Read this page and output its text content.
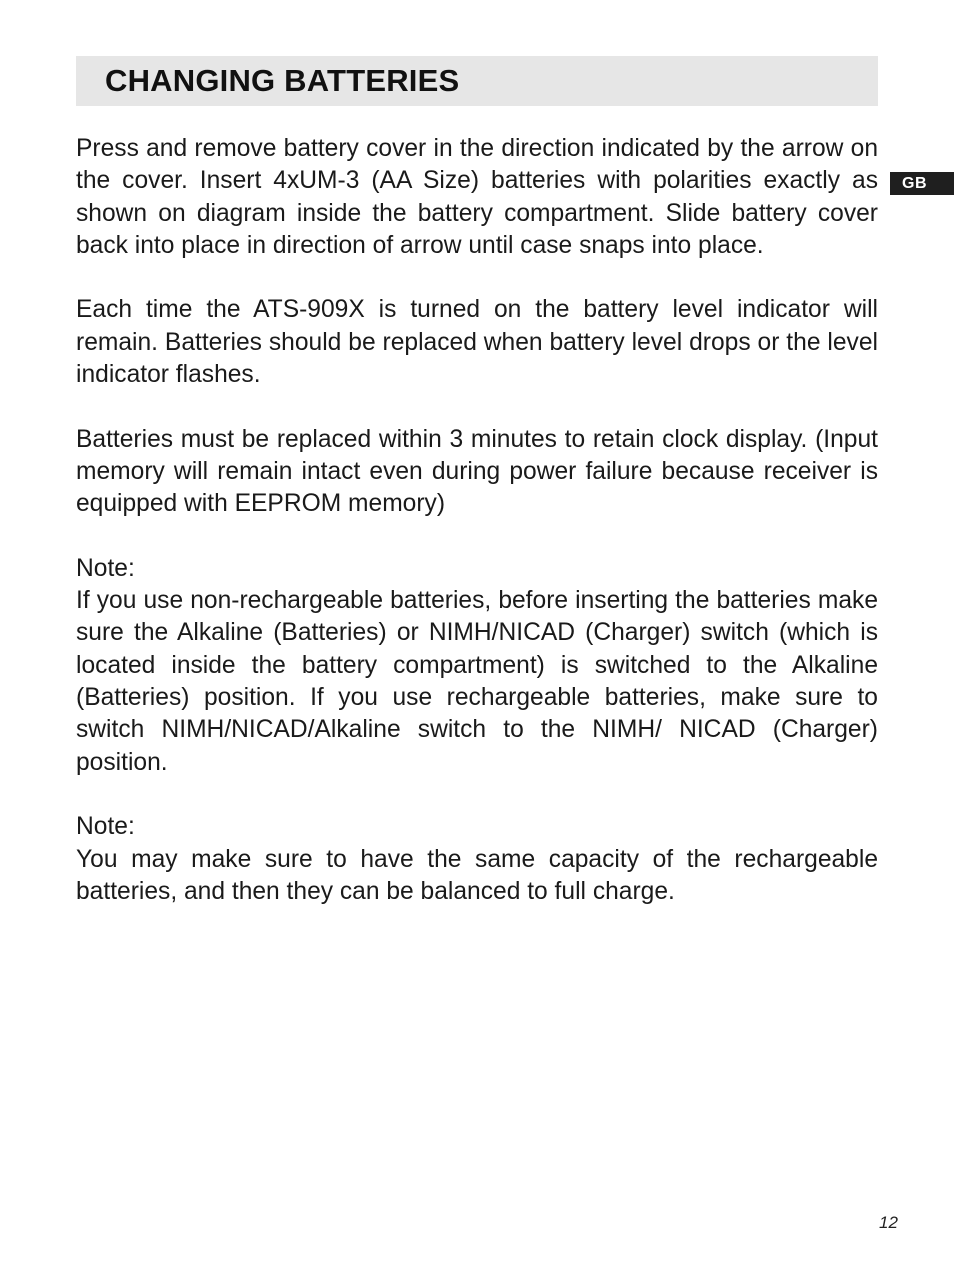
CHANGING BATTERIES
GB

Press and remove battery cover in the direction indicated by the arrow on the cover. Insert 4xUM-3 (AA Size) batteries with polarities exactly as shown on diagram inside the battery compartment. Slide battery cover back into place in direction of arrow until case snaps into place.

Each time the ATS-909X is turned on the battery level indicator will remain. Batteries should be replaced when battery level drops or the level indicator flashes.

Batteries must be replaced within 3 minutes to retain clock display. (Input memory will remain intact even during power failure because receiver is equipped with EEPROM memory)

Note:
If you use non-rechargeable batteries, before inserting the batteries make sure the Alkaline (Batteries) or NIMH/NICAD (Charger) switch (which is located inside the battery compartment) is switched to the Alkaline (Batteries) position. If you use rechargeable batteries, make sure to switch NIMH/NICAD/Alkaline switch to the NIMH/ NICAD (Charger) position.

Note:
You may make sure to have the same capacity of the rechargeable batteries, and then they can be balanced to full charge.

12
